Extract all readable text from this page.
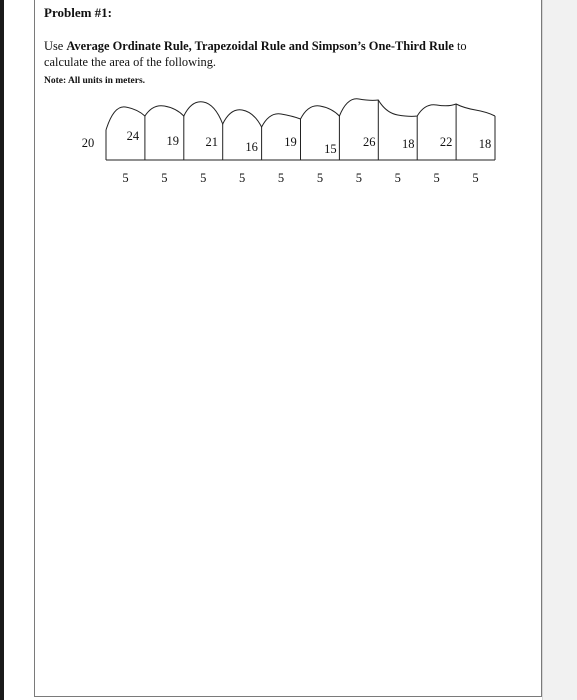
Problem #1:
Use Average Ordinate Rule, Trapezoidal Rule and Simpson’s One-Third Rule to calculate the area of the following.
Note: All units in meters.
20	24 19 21 16 19 15 26 18 22 18
5	5	5	5	5	5	5	5	5	5
